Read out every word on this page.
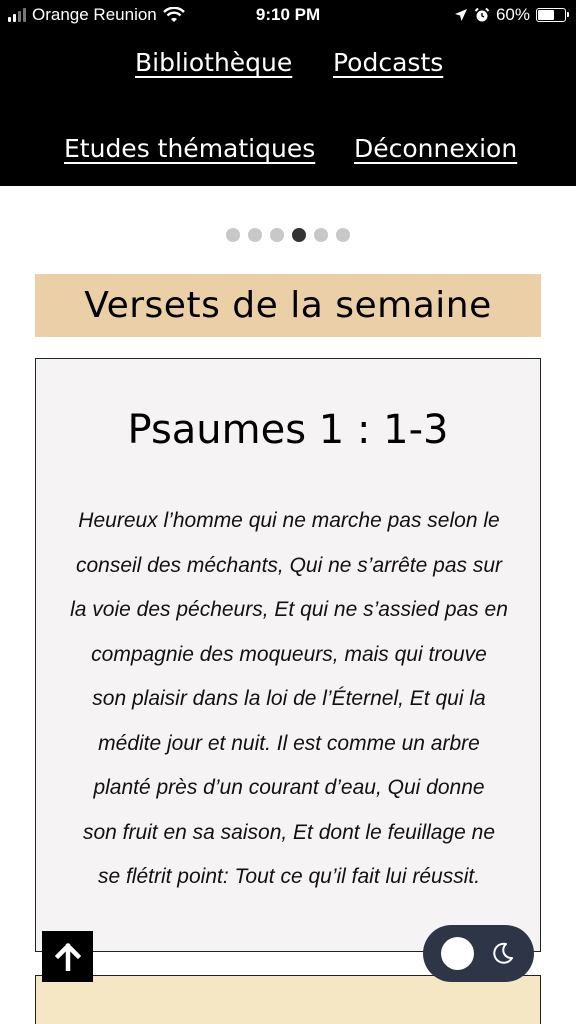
Orange Reunion	9:10 PM	60%
Bibliothèque Podcasts
Etudes thématiques Déconnexion
Versets de la semaine
Psaumes 1 : 1-3

Heureux l’homme qui ne marche pas selon le
conseil des méchants, Qui ne s’arrête pas sur
la voie des pécheurs, Et qui ne s’assied pas en
compagnie des moqueurs, mais qui trouve
son plaisir dans la loi de l’Éternel, Et qui la
médite jour et nuit. Il est comme un arbre
planté près d’un courant d’eau, Qui donne
son fruit en sa saison, Et dont le feuillage ne
se flétrit point: Tout ce qu’il fait lui réussit.
